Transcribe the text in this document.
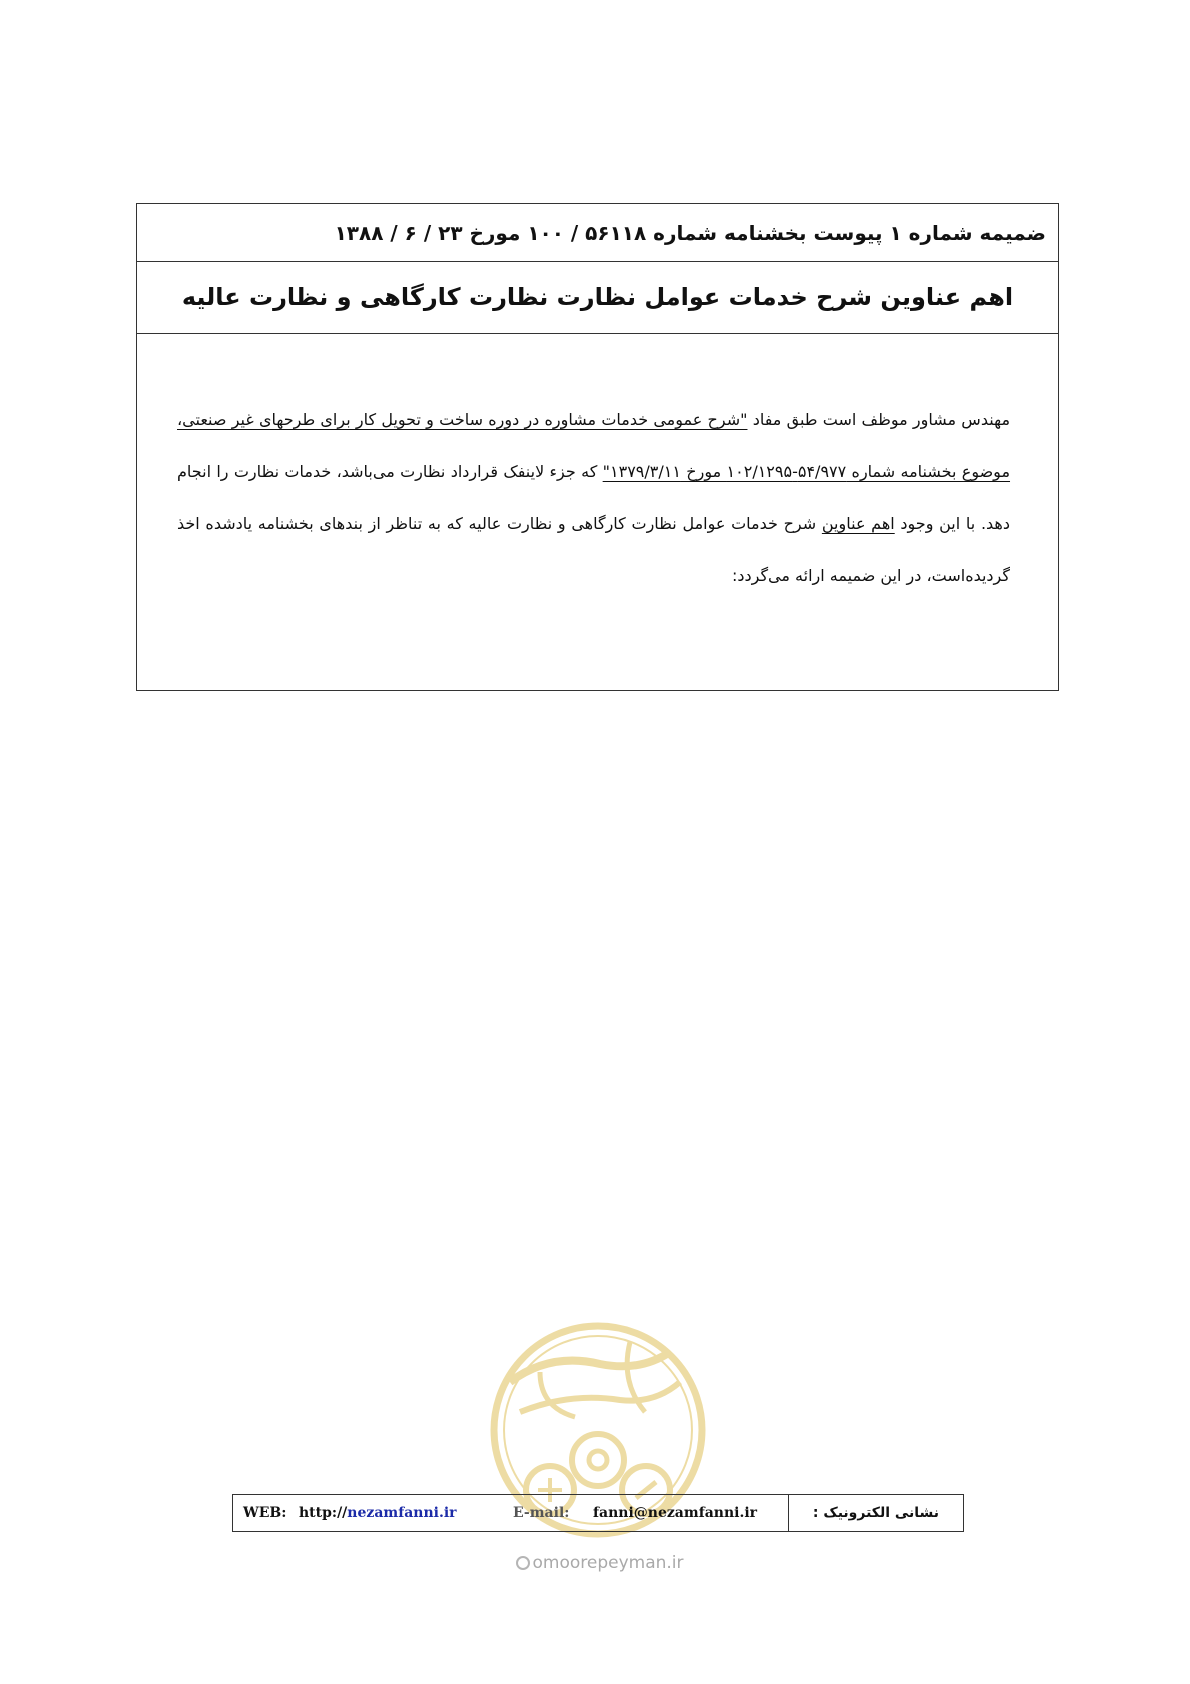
ضمیمه شماره ۱ پیوست بخشنامه شماره ۵۶۱۱۸ / ۱۰۰ مورخ ۲۳ / ۶ / ۱۳۸۸
اهم عناوین شرح خدمات عوامل نظارت نظارت کارگاهی و نظارت عالیه
مهندس مشاور موظف است طبق مفاد "شرح عمومی خدمات مشاوره در دوره ساخت و تحویل کار برای طرحهای غیر صنعتی، موضوع بخشنامه شماره ۵۴/۹۷۷-۱۰۲/۱۲۹۵ مورخ ۱۳۷۹/۳/۱۱" که جزء لاینفک قرارداد نظارت می‌باشد، خدمات نظارت را انجام دهد. با این وجود اهم عناوین شرح خدمات عوامل نظارت کارگاهی و نظارت عالیه که به تناظر از بندهای بخشنامه یادشده اخذ گردیده‌است، در این ضمیمه ارائه می‌گردد:
WEB: http://nezamfanni.ir	E-mail: fanni@nezamfanni.ir	نشانی الکترونیک :
omoorepeyman.ir
